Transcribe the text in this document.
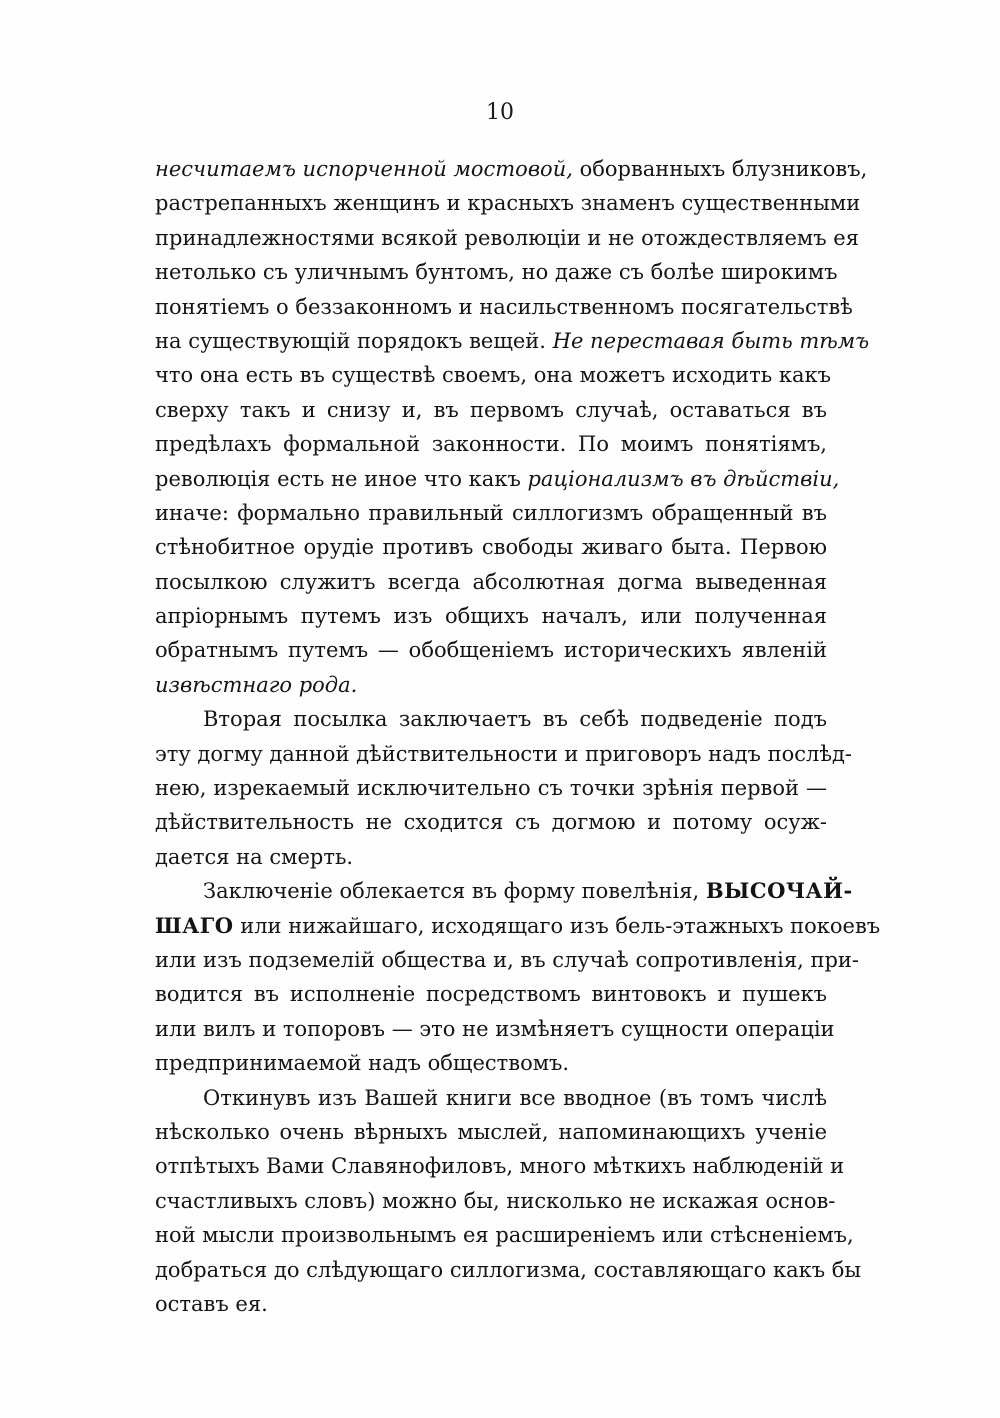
10
несчитаемъ испорченной мостовой, оборванныхъ блузниковъ,
растрепанныхъ женщинъ и красныхъ знаменъ существенными
принадлежностями всякой революціи и не отождествляемъ ея
нетолько съ уличнымъ бунтомъ, но даже съ болѣе широкимъ
понятіемъ о беззаконномъ и насильственномъ посягательствѣ
на существующій порядокъ вещей. Не переставая быть тѣмъ
что она есть въ существѣ своемъ, она можетъ исходить какъ
сверху такъ и снизу и, въ первомъ случаѣ, оставаться въ
предѣлахъ формальной законности. По моимъ понятіямъ,
революція есть не иное что какъ раціонализмъ въ дѣйствіи,
иначе: формально правильный силлогизмъ обращенный въ
стѣнобитное орудіе противъ свободы живаго быта. Первою
посылкою служитъ всегда абсолютная догма выведенная
апріорнымъ путемъ изъ общихъ началъ, или полученная
обратнымъ путемъ — обобщеніемъ историческихъ явленій
извѣстнаго рода.
Вторая посылка заключаетъ въ себѣ подведеніе подъ
эту догму данной дѣйствительности и приговоръ надъ послѣд-
нею, изрекаемый исключительно съ точки зрѣнія первой —
дѣйствительность не сходится съ догмою и потому осуж-
дается на смерть.
Заключеніе облекается въ форму повелѣнія, ВЫСОЧАЙ-
ШАГО или нижайшаго, исходящаго изъ бель-этажныхъ покоевъ
или изъ подземелій общества и, въ случаѣ сопротивленія, при-
водится въ исполненіе посредствомъ винтовокъ и пушекъ
или вилъ и топоровъ — это не измѣняетъ сущности операціи
предпринимаемой надъ обществомъ.
Откинувъ изъ Вашей книги все вводное (въ томъ числѣ
нѣсколько очень вѣрныхъ мыслей, напоминающихъ ученіе
отпѣтыхъ Вами Славянофиловъ, много мѣткихъ наблюденій и
счастливыхъ словъ) можно бы, нисколько не искажая основ-
ной мысли произвольнымъ ея расширеніемъ или стѣсненіемъ,
добраться до слѣдующаго силлогизма, составляющаго какъ бы
оставъ ея.
